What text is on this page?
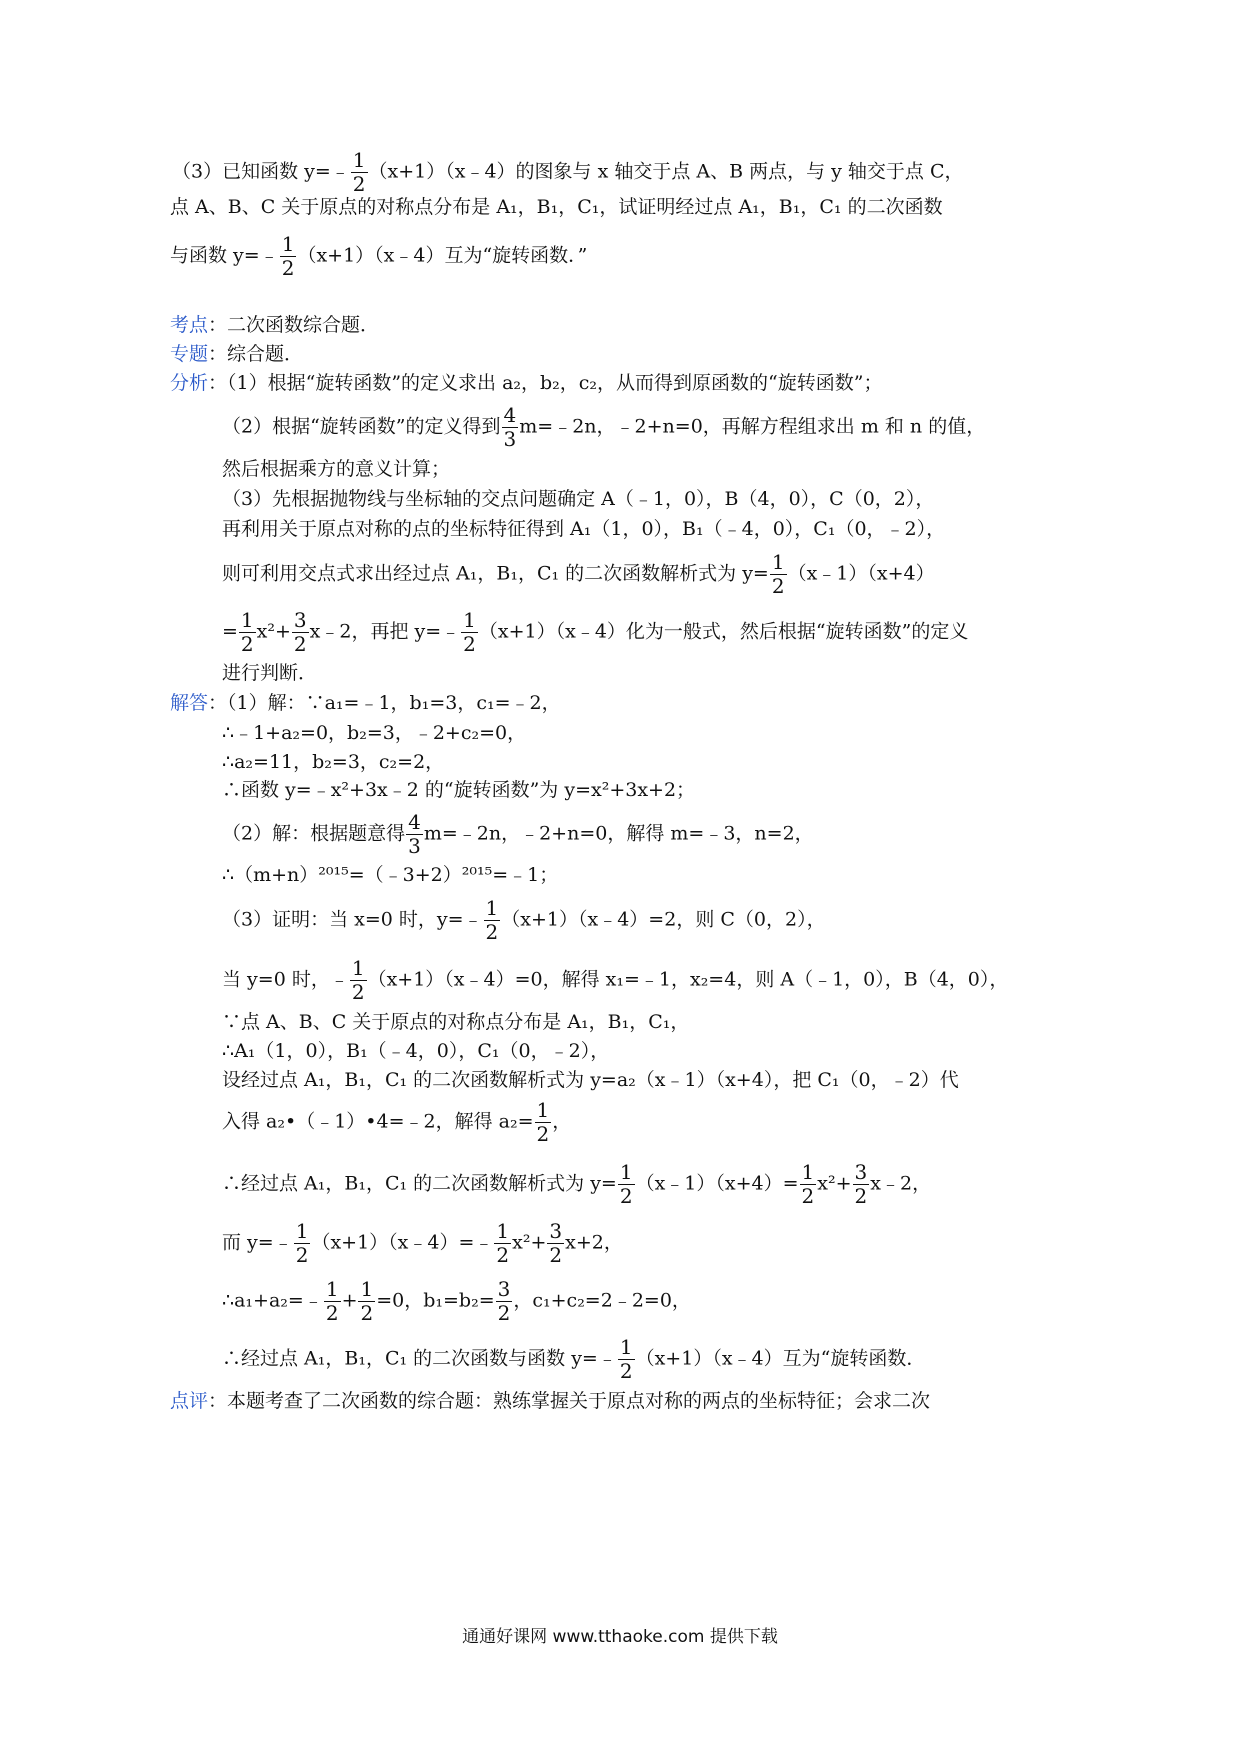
（3）已知函数 y=﹣ $\frac{1}{2}$ （x+1）（x﹣4）的图象与 x 轴交于点 A、B 两点，与 y 轴交于点 C，
点 A、B、C 关于原点的对称点分布是 A₁，B₁，C₁，试证明经过点 A₁，B₁，C₁ 的二次函数
与函数 y=﹣ $\frac{1}{2}$ （x+1）（x﹣4）互为“旋转函数．”
考点：二次函数综合题．
专题：综合题．
分析：（1）根据“旋转函数”的定义求出 a₂，b₂，c₂，从而得到原函数的“旋转函数”；
（2）根据“旋转函数”的定义得到 $\frac{4}{3}$ m=﹣2n，﹣2+n=0，再解方程组求出 m 和 n 的值，
然后根据乘方的意义计算；
（3）先根据抛物线与坐标轴的交点问题确定 A（﹣1，0），B（4，0），C（0，2），
再利用关于原点对称的点的坐标特征得到 A₁（1，0），B₁（﹣4，0），C₁（0，﹣2），
则可利用交点式求出经过点 A₁，B₁，C₁ 的二次函数解析式为 $y= \frac{1}{2}$ （x﹣1）（x+4）
= $\frac{1}{2} x^2+ \frac{3}{2}$ x﹣2，再把 y=﹣ $\frac{1}{2}$ （x+1）（x﹣4）化为一般式，然后根据“旋转函数”的定义
进行判断．
解答：（1）解：∵a₁=﹣1，b₁=3，c₁=﹣2，
∴﹣1+a₂=0，b₂=3，﹣2+c₂=0，
∴a₂=11，b₂=3，c₂=2，
∴函数 y=﹣x²+3x﹣2 的“旋转函数”为 y=x²+3x+2；
（2）解：根据题意得 $\frac{4}{3}$ m=﹣2n，﹣2+n=0，解得 m=﹣3，n=2，
∴（m+n）²⁰¹⁵=（﹣3+2）²⁰¹⁵=﹣1；
（3）证明：当 x=0 时，y=﹣ $\frac{1}{2}$ （x+1）（x﹣4）=2，则 C（0，2），
当 y=0 时，﹣ $\frac{1}{2}$ （x+1）（x﹣4）=0，解得 x₁=﹣1，x₂=4，则 A（﹣1，0），B（4，0），
∵点 A、B、C 关于原点的对称点分布是 A₁，B₁，C₁，
∴A₁（1，0），B₁（﹣4，0），C₁（0，﹣2），
设经过点 A₁，B₁，C₁ 的二次函数解析式为 y=a₂（x﹣1）（x+4），把 C₁（0，﹣2）代
入得 a₂•（﹣1）•4=﹣2，解得 $a_2= \frac{1}{2}$ ，
∴经过点 A₁，B₁，C₁ 的二次函数解析式为 $y= \frac{1}{2}$ （x﹣1）（x+4）= $\frac{1}{2} x^2+ \frac{3}{2}$ x﹣2，
而 y=﹣ $\frac{1}{2}$ （x+1）（x﹣4）=﹣ $\frac{1}{2} x^2+ \frac{3}{2} x+2$，
∴a₁+a₂=﹣ $\frac{1}{2} + \frac{1}{2} =0$，$b_1=b_2= \frac{3}{2}$ ，c₁+c₂=2﹣2=0，
∴经过点 A₁，B₁，C₁ 的二次函数与函数 y=﹣ $\frac{1}{2}$ （x+1）（x﹣4）互为“旋转函数．
点评：本题考查了二次函数的综合题：熟练掌握关于原点对称的两点的坐标特征；会求二次
通通好课网 www.tthaoke.com 提供下载
